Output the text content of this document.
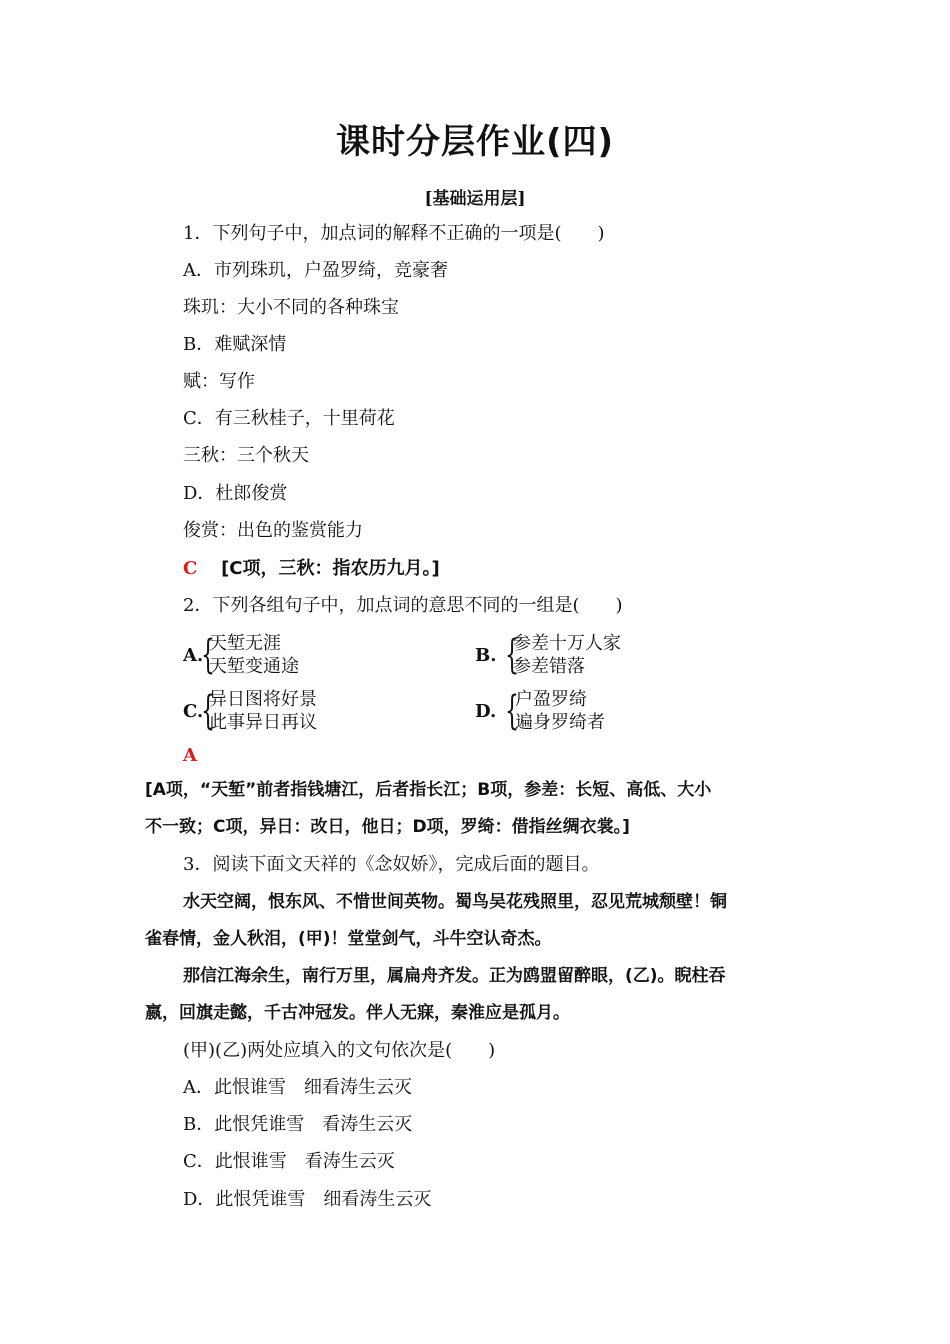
课时分层作业(四)
[基础运用层]
1．下列句子中，加点词的解释不正确的一项是(　　)
A．市列珠玑，户盈罗绮，竞豪奢
珠玑：大小不同的各种珠宝
B．难赋深情
赋：写作
C．有三秋桂子，十里荷花
三秋：三个秋天
D．杜郎俊赏
俊赏：出色的鉴赏能力
C [C项，三秋：指农历九月。]
2．下列各组句子中，加点词的意思不同的一组是(　　)
A.
{
天堑无涯
天堑变通途
B. {
参差十万人家
参差错落
C.
{
异日图将好景
此事异日再议
D. {
户盈罗绮
遍身罗绮者
A
[A项，“天堑”前者指钱塘江，后者指长江；B项，参差：长短、高低、大小
不一致；C项，异日：改日，他日；D项，罗绮：借指丝绸衣裳。]
3．阅读下面文天祥的《念奴娇》，完成后面的题目。
水天空阔，恨东风、不惜世间英物。蜀鸟吴花残照里，忍见荒城颓壁！铜
雀春情，金人秋泪，(甲)！堂堂剑气，斗牛空认奇杰。
那信江海余生，南行万里，属扁舟齐发。正为鸥盟留醉眼，(乙)。睨柱吞
嬴，回旗走懿，千古冲冠发。伴人无寐，秦淮应是孤月。
(甲)(乙)两处应填入的文句依次是(　　)
A．此恨谁雪　细看涛生云灭
B．此恨凭谁雪　看涛生云灭
C．此恨谁雪　看涛生云灭
D．此恨凭谁雪　细看涛生云灭
